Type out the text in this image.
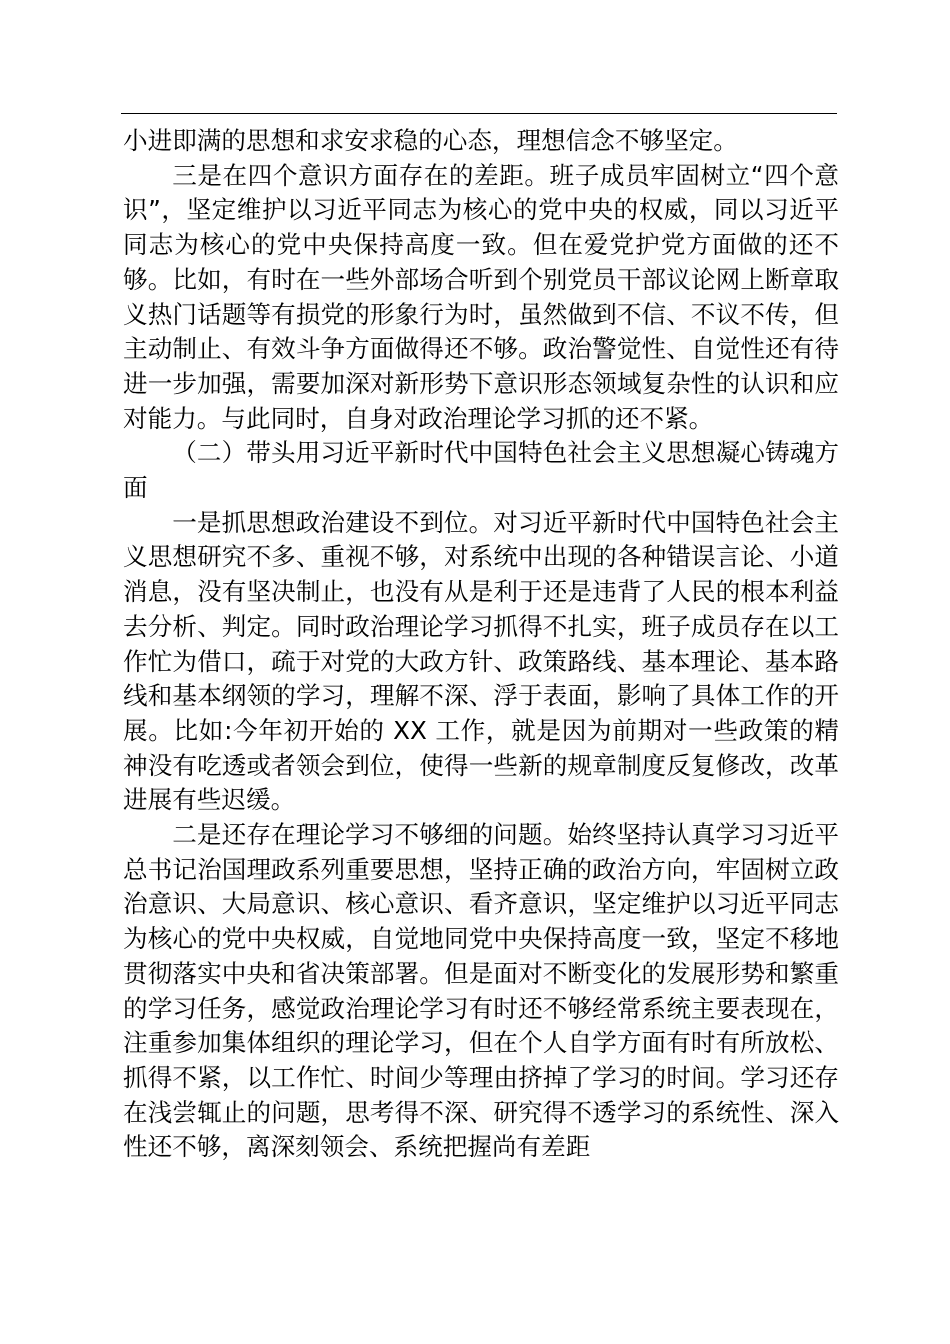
小进即满的思想和求安求稳的心态，理想信念不够坚定。

三是在四个意识方面存在的差距。班子成员牢固树立“四个意识”，坚定维护以习近平同志为核心的党中央的权威，同以习近平同志为核心的党中央保持高度一致。但在爱党护党方面做的还不够。比如，有时在一些外部场合听到个别党员干部议论网上断章取义热门话题等有损党的形象行为时，虽然做到不信、不议不传，但主动制止、有效斗争方面做得还不够。政治警觉性、自觉性还有待进一步加强，需要加深对新形势下意识形态领域复杂性的认识和应对能力。与此同时，自身对政治理论学习抓的还不紧。

（二）带头用习近平新时代中国特色社会主义思想凝心铸魂方面

一是抓思想政治建设不到位。对习近平新时代中国特色社会主义思想研究不多、重视不够，对系统中出现的各种错误言论、小道消息，没有坚决制止，也没有从是利于还是违背了人民的根本利益去分析、判定。同时政治理论学习抓得不扎实，班子成员存在以工作忙为借口，疏于对党的大政方针、政策路线、基本理论、基本路线和基本纲领的学习，理解不深、浮于表面，影响了具体工作的开展。比如:今年初开始的 XX 工作，就是因为前期对一些政策的精神没有吃透或者领会到位，使得一些新的规章制度反复修改，改革进展有些迟缓。

二是还存在理论学习不够细的问题。始终坚持认真学习习近平总书记治国理政系列重要思想，坚持正确的政治方向，牢固树立政治意识、大局意识、核心意识、看齐意识，坚定维护以习近平同志为核心的党中央权威，自觉地同党中央保持高度一致，坚定不移地贯彻落实中央和省决策部署。但是面对不断变化的发展形势和繁重的学习任务，感觉政治理论学习有时还不够经常系统主要表现在，注重参加集体组织的理论学习，但在个人自学方面有时有所放松、抓得不紧，以工作忙、时间少等理由挤掉了学习的时间。学习还存在浅尝辄止的问题，思考得不深、研究得不透学习的系统性、深入性还不够，离深刻领会、系统把握尚有差距
